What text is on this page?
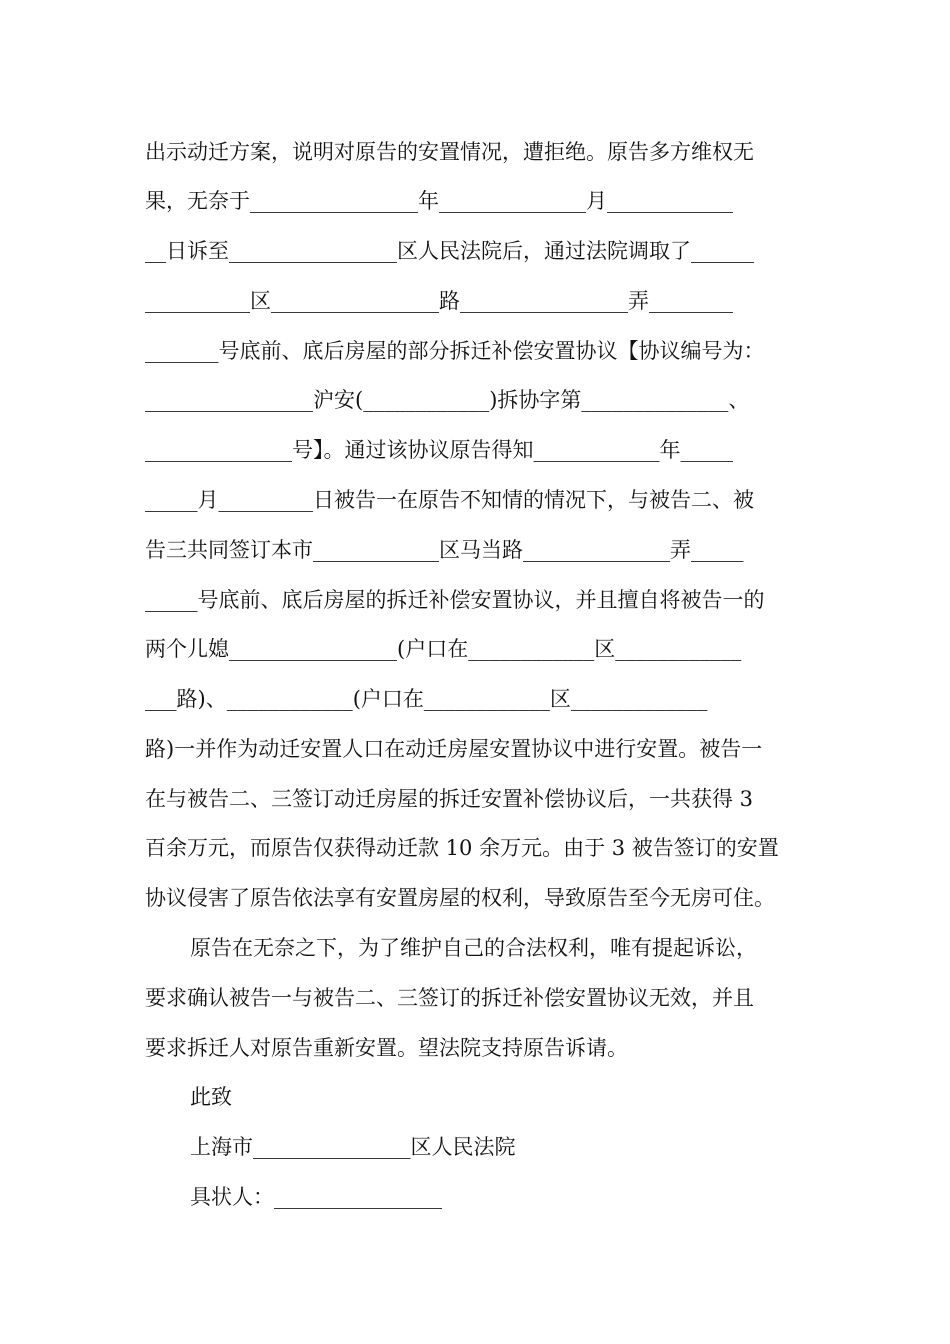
出示动迁方案，说明对原告的安置情况，遭拒绝。原告多方维权无
果，无奈于________________年______________月____________
__日诉至________________区人民法院后，通过法院调取了______
__________区________________路________________弄________
_______号底前、底后房屋的部分拆迁补偿安置协议【协议编号为：
________________沪安(____________)拆协字第______________、
______________号】。通过该协议原告得知____________年_____
_____月_________日被告一在原告不知情的情况下，与被告二、被
告三共同签订本市____________区马当路______________弄_____
_____号底前、底后房屋的拆迁补偿安置协议，并且擅自将被告一的
两个儿媳________________(户口在____________区____________
___路)、____________(户口在____________区_____________
路)一并作为动迁安置人口在动迁房屋安置协议中进行安置。被告一
在与被告二、三签订动迁房屋的拆迁安置补偿协议后，一共获得 3
百余万元，而原告仅获得动迁款 10 余万元。由于 3 被告签订的安置
协议侵害了原告依法享有安置房屋的权利，导致原告至今无房可住。
原告在无奈之下，为了维护自己的合法权利，唯有提起诉讼，
要求确认被告一与被告二、三签订的拆迁补偿安置协议无效，并且
要求拆迁人对原告重新安置。望法院支持原告诉请。
此致
上海市_______________区人民法院
具状人：________________
